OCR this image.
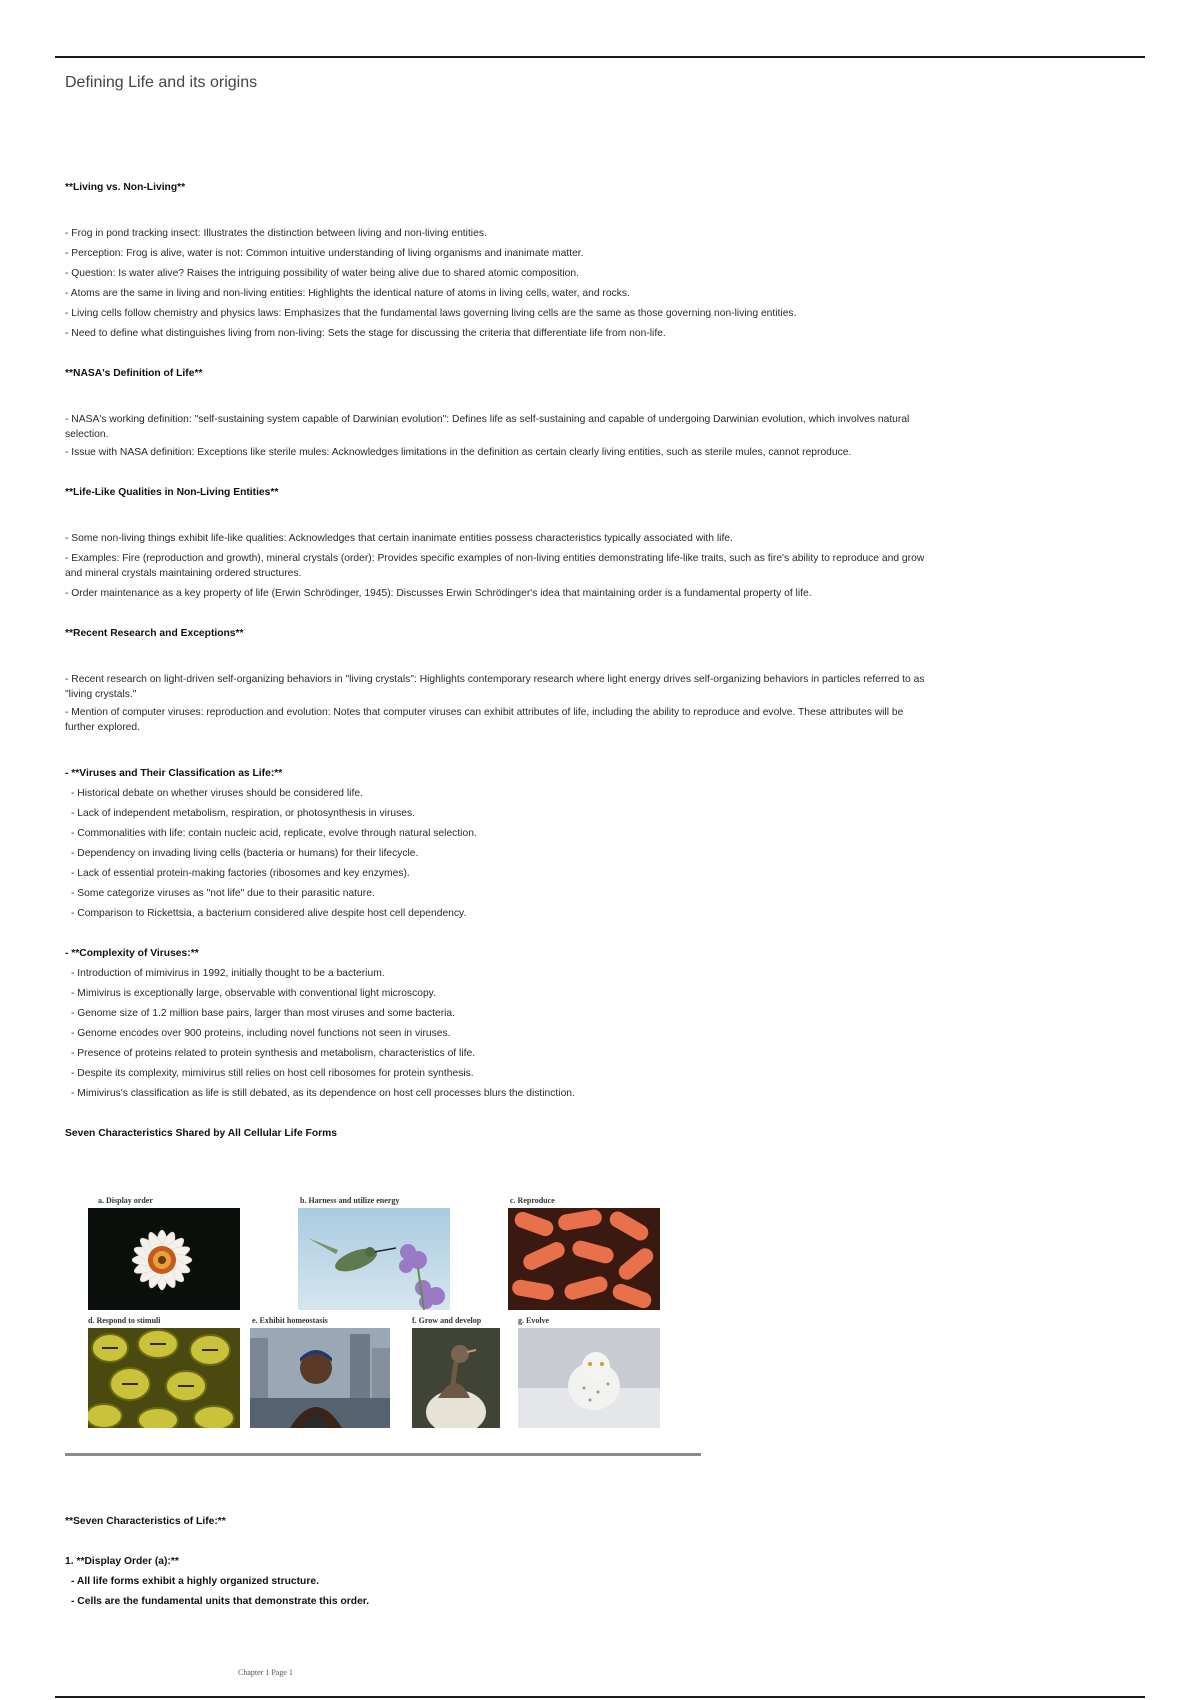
Defining Life and its origins
**Living vs. Non-Living**
- Frog in pond tracking insect: Illustrates the distinction between living and non-living entities.
- Perception: Frog is alive, water is not: Common intuitive understanding of living organisms and inanimate matter.
- Question: Is water alive? Raises the intriguing possibility of water being alive due to shared atomic composition.
- Atoms are the same in living and non-living entities: Highlights the identical nature of atoms in living cells, water, and rocks.
- Living cells follow chemistry and physics laws: Emphasizes that the fundamental laws governing living cells are the same as those governing non-living entities.
- Need to define what distinguishes living from non-living: Sets the stage for discussing the criteria that differentiate life from non-life.
**NASA's Definition of Life**
- NASA's working definition: "self-sustaining system capable of Darwinian evolution": Defines life as self-sustaining and capable of undergoing Darwinian evolution, which involves natural selection.
- Issue with NASA definition: Exceptions like sterile mules: Acknowledges limitations in the definition as certain clearly living entities, such as sterile mules, cannot reproduce.
**Life-Like Qualities in Non-Living Entities**
- Some non-living things exhibit life-like qualities: Acknowledges that certain inanimate entities possess characteristics typically associated with life.
- Examples: Fire (reproduction and growth), mineral crystals (order): Provides specific examples of non-living entities demonstrating life-like traits, such as fire's ability to reproduce and grow and mineral crystals maintaining ordered structures.
- Order maintenance as a key property of life (Erwin Schrödinger, 1945): Discusses Erwin Schrödinger's idea that maintaining order is a fundamental property of life.
**Recent Research and Exceptions**
- Recent research on light-driven self-organizing behaviors in "living crystals": Highlights contemporary research where light energy drives self-organizing behaviors in particles referred to as "living crystals."
- Mention of computer viruses: reproduction and evolution: Notes that computer viruses can exhibit attributes of life, including the ability to reproduce and evolve. These attributes will be further explored.
- **Viruses and Their Classification as Life:**
- Historical debate on whether viruses should be considered life.
- Lack of independent metabolism, respiration, or photosynthesis in viruses.
- Commonalities with life: contain nucleic acid, replicate, evolve through natural selection.
- Dependency on invading living cells (bacteria or humans) for their lifecycle.
- Lack of essential protein-making factories (ribosomes and key enzymes).
- Some categorize viruses as "not life" due to their parasitic nature.
- Comparison to Rickettsia, a bacterium considered alive despite host cell dependency.
- **Complexity of Viruses:**
- Introduction of mimivirus in 1992, initially thought to be a bacterium.
- Mimivirus is exceptionally large, observable with conventional light microscopy.
- Genome size of 1.2 million base pairs, larger than most viruses and some bacteria.
- Genome encodes over 900 proteins, including novel functions not seen in viruses.
- Presence of proteins related to protein synthesis and metabolism, characteristics of life.
- Despite its complexity, mimivirus still relies on host cell ribosomes for protein synthesis.
- Mimivirus's classification as life is still debated, as its dependence on host cell processes blurs the distinction.
Seven Characteristics Shared by All Cellular Life Forms
a. Display order	b. Harness and utilize energy	c. Reproduce
d. Respond to stimuli	e. Exhibit homeostasis	f. Grow and develop	g. Evolve
**Seven Characteristics of Life:**
1. **Display Order (a):**
- All life forms exhibit a highly organized structure.
- Cells are the fundamental units that demonstrate this order.
Chapter 1 Page 1
